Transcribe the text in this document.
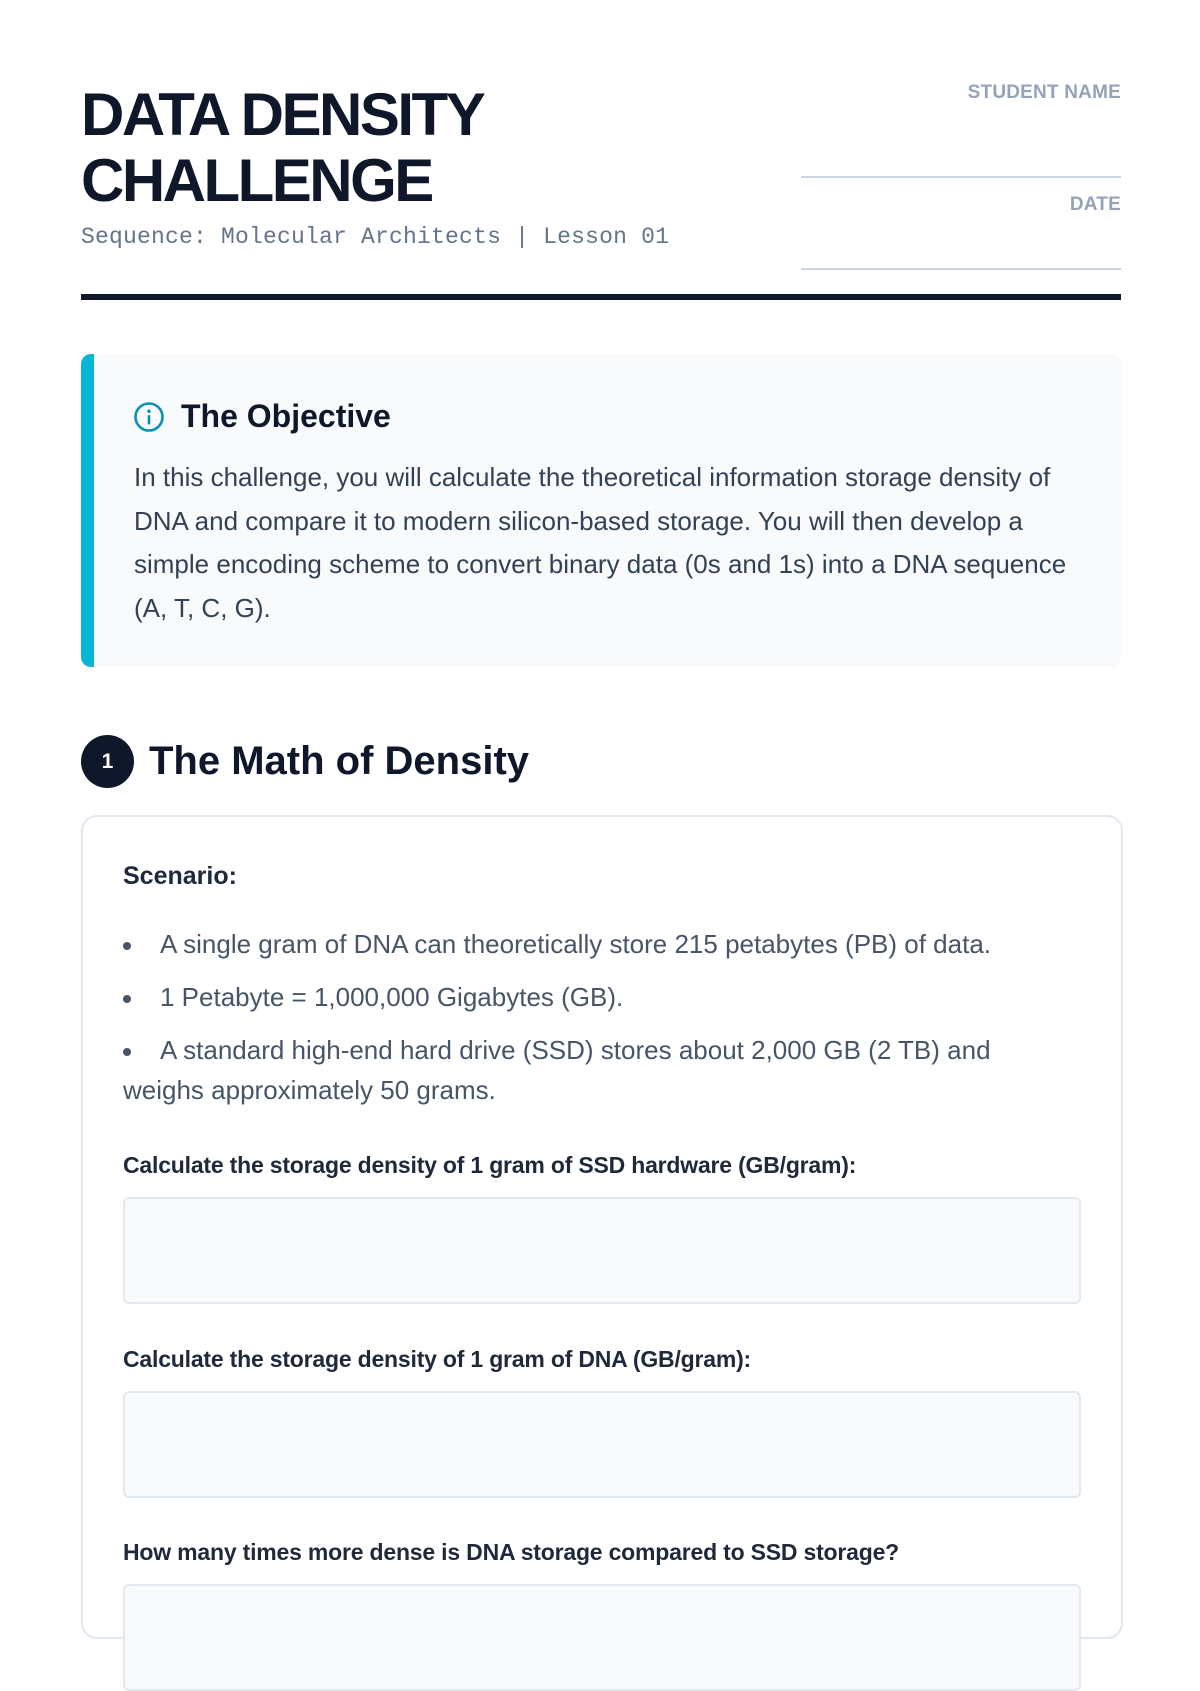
DATA DENSITY
CHALLENGE
Sequence: Molecular Architects | Lesson 01
STUDENT NAME
DATE
The Objective

In this challenge, you will calculate the theoretical information storage density of DNA and compare it to modern silicon-based storage. You will then develop a simple encoding scheme to convert binary data (0s and 1s) into a DNA sequence (A, T, C, G).

1 The Math of Density
Scenario:
A single gram of DNA can theoretically store 215 petabytes (PB) of data.
1 Petabyte = 1,000,000 Gigabytes (GB).
A standard high-end hard drive (SSD) stores about 2,000 GB (2 TB) and weighs approximately 50 grams.
Calculate the storage density of 1 gram of SSD hardware (GB/gram):
Calculate the storage density of 1 gram of DNA (GB/gram):
How many times more dense is DNA storage compared to SSD storage?
